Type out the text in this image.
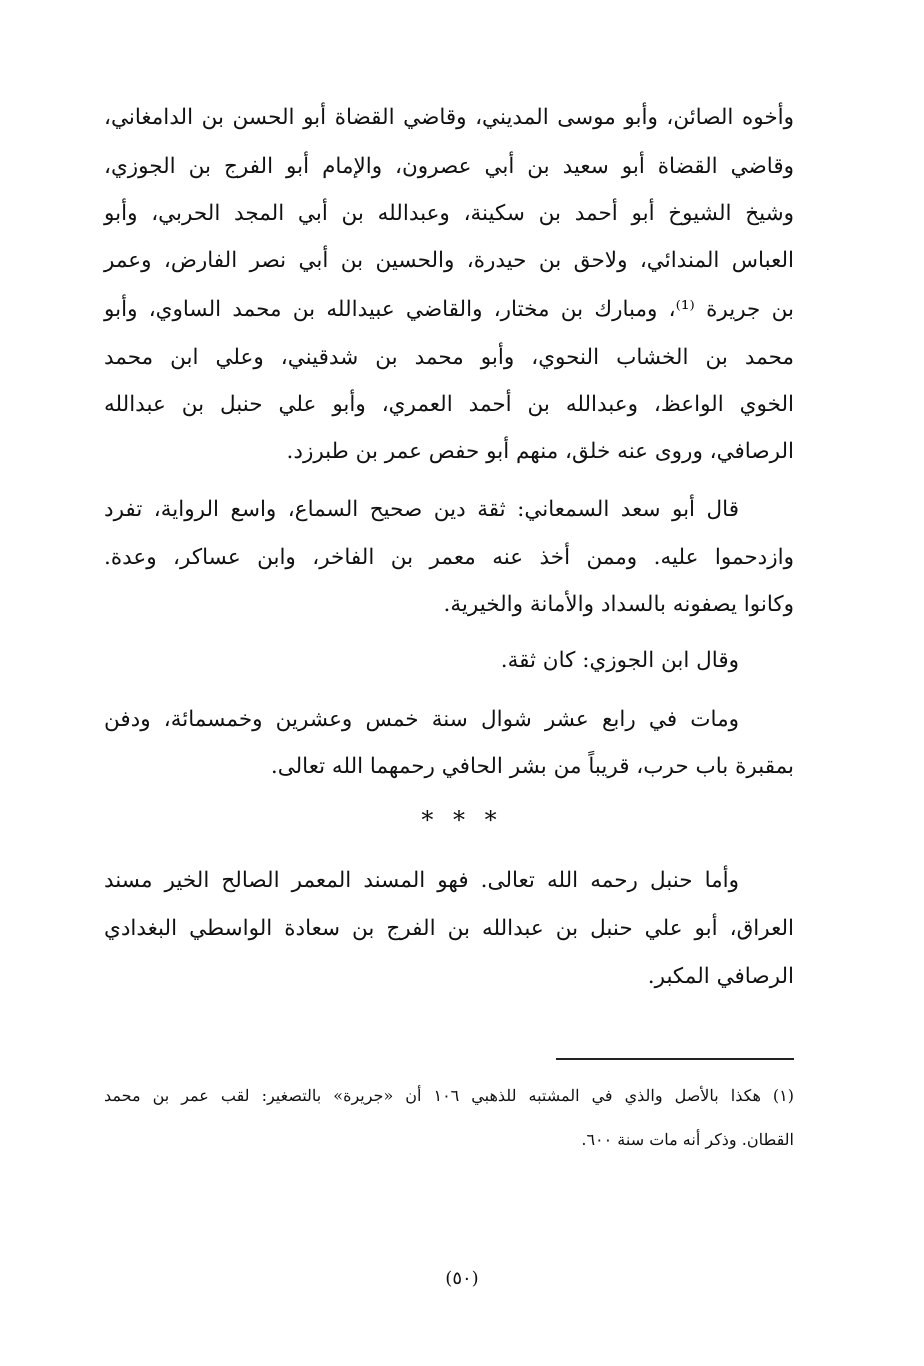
وأخوه الصائن، وأبو موسى المديني، وقاضي القضاة أبو الحسن بن الدامغاني،
وقاضي القضاة أبو سعيد بن أبي عصرون، والإمام أبو الفرج بن الجوزي،
وشيخ الشيوخ أبو أحمد بن سكينة، وعبدالله بن أبي المجد الحربي، وأبو
العباس المندائي، ولاحق بن حيدرة، والحسين بن أبي نصر الفارض، وعمر
بن جريرة ⁽¹⁾، ومبارك بن مختار، والقاضي عبيدالله بن محمد الساوي، وأبو
محمد بن الخشاب النحوي، وأبو محمد بن شدقيني، وعلي ابن محمد
الخوي الواعظ، وعبدالله بن أحمد العمري، وأبو علي حنبل بن عبدالله
الرصافي، وروى عنه خلق، منهم أبو حفص عمر بن طبرزد.
قال أبو سعد السمعاني: ثقة دين صحيح السماع، واسع الرواية، تفرد
وازدحموا عليه. وممن أخذ عنه معمر بن الفاخر، وابن عساكر، وعدة.
وكانوا يصفونه بالسداد والأمانة والخيرية.
وقال ابن الجوزي: كان ثقة.
ومات في رابع عشر شوال سنة خمس وعشرين وخمسمائة، ودفن
بمقبرة باب حرب، قريباً من بشر الحافي رحمهما الله تعالى.
* * *
وأما حنبل رحمه الله تعالى. فهو المسند المعمر الصالح الخير مسند
العراق، أبو علي حنبل بن عبدالله بن الفرج بن سعادة الواسطي البغدادي
الرصافي المكبر.
(١) هكذا بالأصل والذي في المشتبه للذهبي ١٠٦ أن «جريرة» بالتصغير: لقب عمر بن محمد
القطان. وذكر أنه مات سنة ٦٠٠.
(٥٠)
